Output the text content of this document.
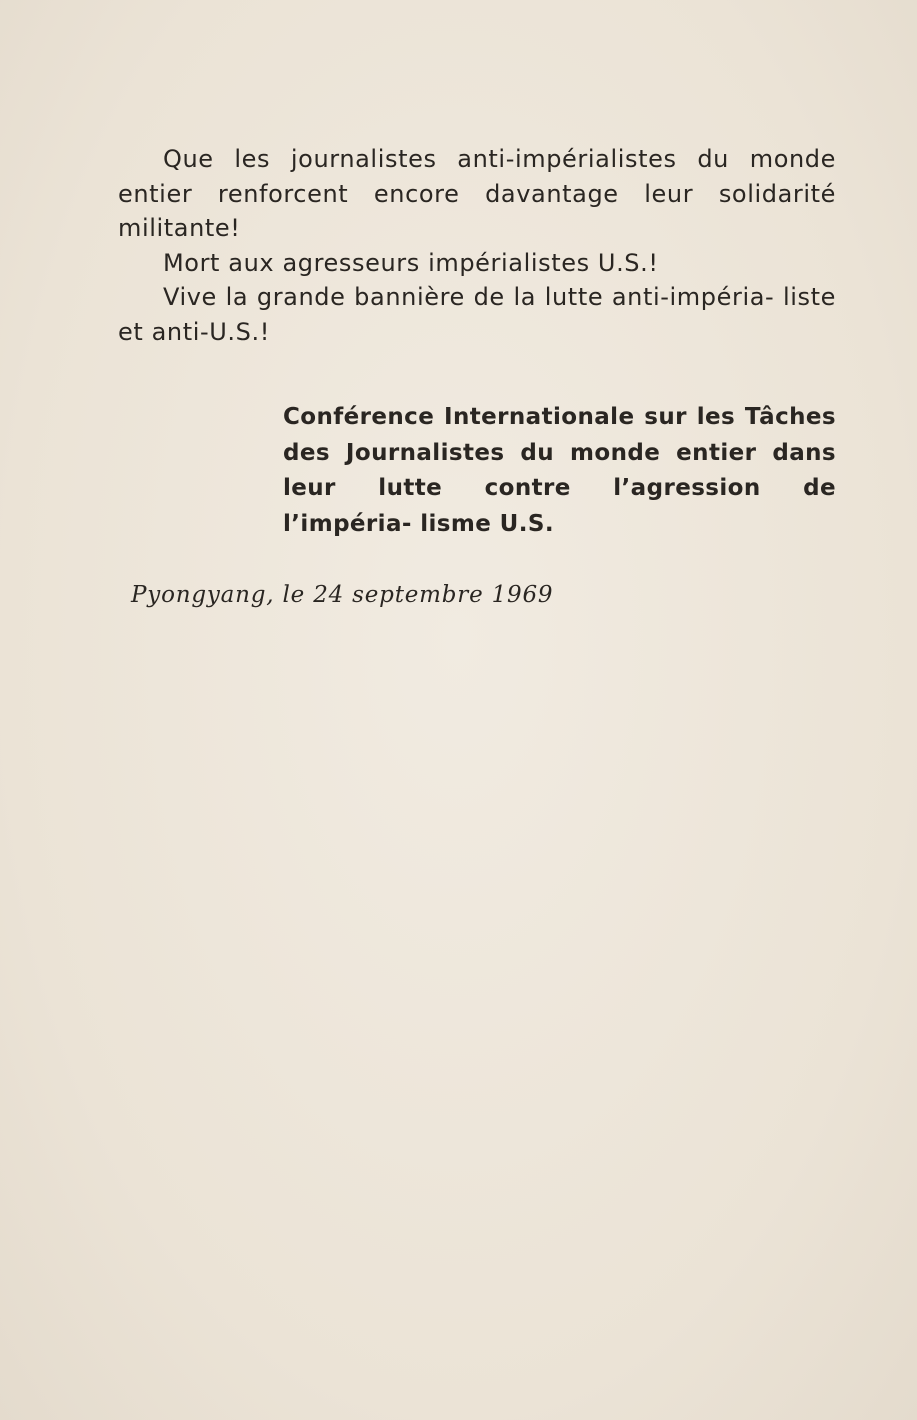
Que les journalistes anti-impérialistes du monde entier renforcent encore davantage leur solidarité militante!

Mort aux agresseurs impérialistes U.S.!

Vive la grande bannière de la lutte anti-impéria- liste et anti-U.S.!

Conférence Internationale sur les Tâches des Journalistes du monde entier dans leur lutte contre l’agression de l’impéria- lisme U.S.

Pyongyang, le 24 septembre 1969
